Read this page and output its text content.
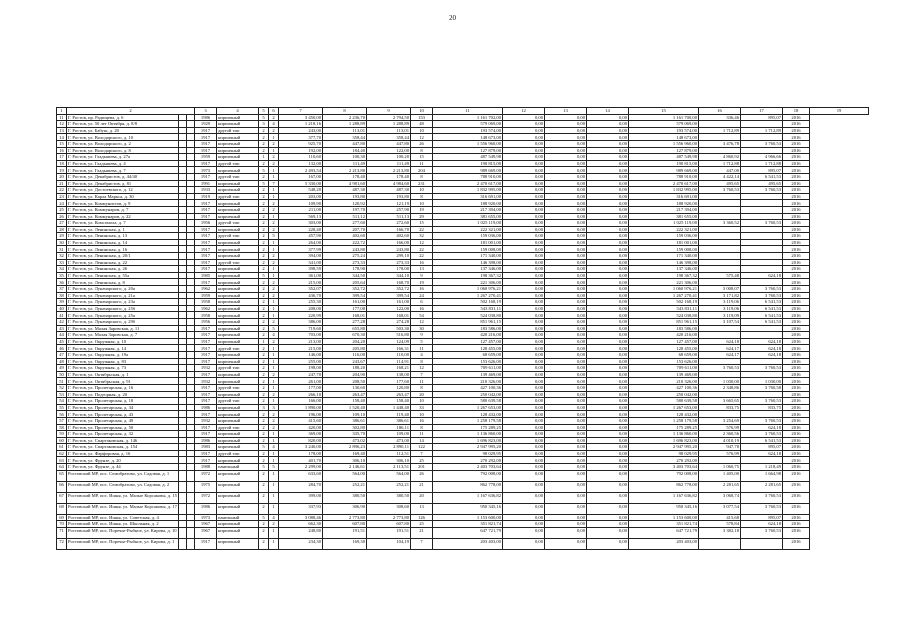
20
1	2			3	4	5	6	7	8	9	10	11	12	13	14	15	16	17	18	19
11	Г. Ростов, пр. Радищева, д. 6			1986	кирпичный	5	2	3 450,00	2 236,70	2 794,50	153	1 161 702,00	0,00	0,00	0,00	1 161 700,00	336,46	895,07	2016	
12	Г. Ростов, ул. 50 лет Октября, д. 8/8			1929	кирпичный	3	4	1 218,16	1 288,89	1 288,89	48	579 069,00	0,00	0,00	0,00	579 069,00			2016	
13	Г. Ростов, ул. Бабуш, д. 20			1917	другой тип	2	2	243,00	113,01	113,01	10	193 574,00	0,00	0,00	0,00	193 574,00	1 712,89	1 712,89	2016	
14	Г. Ростов, ул. Володарского, д. 10			1917	кирпичный	2	1	377,70	358,44	358,44	12	148 673,00	0,00	0,00	0,00	148 673,00			2016	
15	Г. Ростов, ул. Володарского, д. 2			1917	кирпичный	2	2	925,70	447,80	447,80	26	1 556 960,00	0,00	0,00	0,00	1 556 960,00	3 476,78	3 760,53	2016	
16	Г. Ростов, ул. Володарского, д. 8			1917	кирпичный	2	1	192,00	184,40	122,00	8	127 879,00	0,00	0,00	0,00	127 879,00			2016	
17	Г. Ростов, ул. Гладышева, д. 27а			1959	кирпичный	1	2	110,60	100,30	100,20	15	487 549,98	0,00	0,00	0,00	487 549,98	4 860,92	4 966,66	2016	
18	Г. Ростов, ул. Гладышева, д. 4			1917	другой тип	2	2	132,00	111,49	111,49	11	190 815,00	0,00	0,00	0,00	190 815,00	1 712,88	1 712,88	2016	
19	Г. Ростов, ул. Гладышева, д. 7			1973	кирпичный	5	1	2 493,54	2 213,80	2 213,80	204	989 669,00	0,00	0,00	0,00	989 669,00	447,00	895,07	2016	
20	Г. Ростов, ул. Декабристов, д. 44/40			1917	другой тип	2	1	167,00	178,40	178,40	8	788 910,00	0,00	0,00	0,00	788 910,00	4 422,14	6 541,53	2016	
21	Г. Ростов, ул. Декабристов, д. 81			1991	кирпичный	5	7	5 330,00	4 981,60	4 984,60	231	2 470 617,00	0,00	0,00	0,00	2 470 617,00	495,65	495,65	2016	
22	Г. Ростов, ул. Достоевского, д. 12			1933	кирпичный	2	1	548,20	487,30	487,30	10	1 832 995,00	0,00	0,00	0,00	1 832 995,00	3 760,53	3 760,53	2016	
23	Г. Ростов, ул. Карла Маркса, д. 30			1919	другой тип	2	1	203,00	193,80	193,80	8	316 691,00	0,00	0,00	0,00	316 691,00			2016	
24	Г. Ростов, ул. Коммунистов, д. 9			1917	кирпичный	2	2	109,90	120,92	121,19	10	188 920,00	0,00	0,00	0,00	188 920,00			2016	
25	Г. Ростов, ул. Коммунаров, д. 7			1917	кирпичный	2	2	211,00	197,70	257,90	19	217 394,00	0,00	0,00	0,00	217 394,00			2016	
26	Г. Ростов, ул. Коммунаров, д. 22			1917	кирпичный	2	1	569,13	511,12	511,13	29	381 655,00	0,00	0,00	0,00	381 655,00			2016	
27	Г. Ростов, ул. Комсомола, д. 7			1956	другой тип	2	2	303,00	277,60	272,60	15	1 025 119,00	0,00	0,00	0,00	1 025 119,00	3 360,52	3 760,53	2016	
28	Г. Ростов, ул. Ленинская, д. 1			1917	кирпичный	2	2	228,40	207,70	166,70	22	222 321,00	0,00	0,00	0,00	222 321,00			2016	
29	Г. Ростов, ул. Ленинская, д. 13			1917	другой тип	2	5	457,90	402,60	402,60	32	159 036,00	0,00	0,00	0,00	159 036,00			2016	
30	Г. Ростов, ул. Ленинская, д. 14			1917	кирпичный	2	1	264,00	222,72	166,00	12	181 001,00	0,00	0,00	0,00	181 001,00			2016	
31	Г. Ростов, ул. Ленинская, д. 16			1917	кирпичный	2	1	377,99	243,80	243,80	22	159 008,00	0,00	0,00	0,00	159 008,00			2016	
32	Г. Ростов, ул. Ленинская, д. 20/1			1917	кирпичный	2	2	394,00	275,24	299,10	22	171 340,00	0,00	0,00	0,00	171 340,00			2016	
33	Г. Ростов, ул. Ленинская, д. 22			1917	другой тип	2	2	341,00	273,33	273,33	16	146 398,00	0,00	0,00	0,00	146 398,00			2016	
34	Г. Ростов, ул. Ленинская, д. 26			1917	кирпичный	2	1	398,59	178,90	178,00	13	137 346,00	0,00	0,00	0,00	137 346,00			2016	
35	Г. Ростов, ул. Ленинская, д. 55а			1985	кирпичный	5	1	361,00	344,50	344,10	9	198 367,32	0,00	0,00	0,00	198 367,32	575,48	624,18	2016	
36	Г. Ростов, ул. Ленинская, д. 8			1917	кирпичный	2	2	215,00	205,64	168,70	19	221 306,00	0,00	0,00	0,00	221 306,00			2016	
37	Г. Ростов, ул. Луначарского, д. 20а			1962	кирпичный	2	2	352,07	352,72	352,72	16	1 060 976,21	0,00	0,00	0,00	1 060 976,21	3 008,07	3 760,53	2016	
38	Г. Ростов, ул. Луначарского, д. 21а			1959	кирпичный	2	2	436,70	399,54	399,54	24	1 267 270,41	0,00	0,00	0,00	1 267 270,41	3 171,82	3 760,53	2016	
39	Г. Ростов, ул. Луначарского, д. 23а			1958	кирпичный	2	1	255,30	161,00	161,00	6	502 168,19	0,00	0,00	0,00	502 168,19	3 119,06	6 541,53	2016	
40	Г. Ростов, ул. Луначарского, д. 25б			1962	кирпичный	2	1	208,00	177,00	122,00	16	543 831,11	0,00	0,00	0,00	543 831,11	3 119,06	6 541,53	2016	
41	Г. Ростов, ул. Луначарского, д. 25а			1958	кирпичный	2	1	220,99	168,01	168,01	54	524 038,80	0,00	0,00	0,00	524 038,80	3 119,09	6 541,53	2016	
42	Г. Ростов, ул. Луначарского, д. 29б			1956	кирпичный	2	2	386,00	277,28	274,28	12	851 961,15	0,00	0,00	0,00	851 961,15	3 107,54	6 541,53	2016	
43	Г. Ростов, ул. Малая Заровская, д. 11			1917	кирпичный	2	5	719,60	655,80	503,30	30	183 586,00	0,00	0,00	0,00	183 586,00			2016	
44	Г. Ростов, ул. Малая Заровская, д. 7			1917	кирпичный	2	4	703,00	670,30	516,80	9	420 216,00	0,00	0,00	0,00	420 216,00			2016	
45	Г. Ростов, ул. Окружная, д. 10			1917	кирпичный	1	2	213,00	204,20	124,09	5	127 457,00	0,00	0,00	0,00	127 457,00	624,18	624,18	2016	
46	Г. Ростов, ул. Окружная, д. 14			1917	другой тип	2	1	215,00	205,80	166,31	11	128 455,00	0,00	0,00	0,00	128 455,00	624,17	624,18	2016	
47	Г. Ростов, ул. Окружная, д. 19а			1917	кирпичный	2	1	146,00	116,00	110,00	4	68 659,00	0,00	0,00	0,00	68 659,00	624,17	624,18	2016	
48	Г. Ростов, ул. Окружная, д. 83			1917	кирпичный	2	1	255,00	243,67	114,91	8	153 626,00	0,00	0,00	0,00	153 626,00			2016	
49	Г. Ростов, ул. Окружная, д. 73			1932	другой тип	2	1	198,00	188,20	168,21	12	709 611,00	0,00	0,00	0,00	709 611,00	3 760,53	3 760,53	2016	
50	Г. Ростов, ул. Октябрьская, д. 1			1917	кирпичный	2	2	247,70	204,90	138,00	7	139 469,00	0,00	0,00	0,00	139 469,00			2016	
51	Г. Ростов, ул. Октябрьская, д. 91			1932	кирпичный	2	1	261,00	208,50	177,60	11	210 326,00	0,00	0,00	0,00	210 326,00	1 030,00	1 030,00	2016	
52	Г. Ростов, ул. Пролетарская, д. 16			1917	другой тип	2	1	177,00	130,60	120,80	8	427 100,36	0,00	0,00	0,00	427 100,36	2 348,86	3 760,58	2016	
53	Г. Ростов, ул. Подгорная, д. 20			1917	кирпичный	2	2	266,10	263,47	263,47	20	250 042,00	0,00	0,00	0,00	250 042,00			2016	
54	Г. Ростов, ул. Пролетарская, д. 18			1917	другой тип	2	1	166,00	158,40	158,40	10	580 639,58	0,00	0,00	0,00	580 639,58	3 665,65	3 760,53	2016	
55	Г. Ростов, ул. Пролетарская, д. 34			1986	кирпичный	3	3	1 890,00	1 520,40	1 448,40	33	1 267 653,00	0,00	0,00	0,00	1 267 653,00	833,75	833,75	2016	
56	Г. Ростов, ул. Пролетарская, д. 43			1917	кирпичный	2	2	196,00	109,10	119,40	10	128 432,00	0,00	0,00	0,00	128 432,00			2016	
57	Г. Ростов, ул. Пролетарская, д. 49			1932	кирпичный	2	2	415,60	386,61	386,61	16	1 258 179,58	0,00	0,00	0,00	1 258 179,58	3 254,69	3 760,53	2016	
58	Г. Ростов, ул. Пролетарская, д. 50			1917	другой тип	2	2	420,00	302,80	186,11	8	175 289,25	0,00	0,00	0,00	175 289,25	576,99	624,18	2016	
59	Г. Ростов, ул. Пролетарская, д. 32			1917	кирпичный	2	1	369,00	335,70	109,00	11	1 136 860,00	0,00	0,00	0,00	1 136 860,00	2 360,56	3 760,53	2016	
60	Г. Ростов, ул. Спартаковская, д. 146			1986	кирпичный	2	1	820,00	473,02	473,00	14	1 696 823,00	0,00	0,00	0,00	1 696 823,00	4 010,19	6 541,53	2016	
61	Г. Ростов, ул. Спартаковская, д. 154			1983	кирпичный	5	4	3 240,00	2 896,23	2 890,11	122	2 947 995,20	0,00	0,00	0,00	2 947 995,20	947,78	895,07	2016	
62	Г. Ростов, ул. Фарфоровая, д. 16			1917	другой тип	2	1	178,00	169,40	112,51	7	98 029,95	0,00	0,00	0,00	98 029,95	576,99	624,18	2016	
63	Г. Ростов, ул. Фрунзе, д. 20			1917	кирпичный	2	1	401,70	306,10	306,10	25	270 292,00	0,00	0,00	0,00	270 292,00			2016	
64	Г. Ростов, ул. Фрунзе, д. 44			1988	панельный	5	5	2 299,00	2 146,61	2 113,51	201	2 403 703,64	0,00	0,00	0,00	3 403 703,64	1 060,75	1 218,49	2016	
65	Ростовский МР, пос. Семибратово, ул. Садовая, д. 1			1972	кирпичный	2	1	633,60	564,00	564,00	26	792 008,00	0,00	0,00	0,00	792 008,00	1 405,00	1 664,98	2016	
66	Ростовский МР, пос. Семибратово, ул. Садовая, д. 2			1975	кирпичный	2	1	284,70	252,21	252,21	21	862 778,00	0,00	0,00	0,00	862 778,00	2 281,65	2 281,65	2016	
67	Ростовский МР, пос. Ишня, ул. Малые Корсаковы, д. 15			1972	кирпичный	2	1	399,00	380,50	380,50	20	1 167 636,82	0,00	0,00	0,00	1 167 636,82	3 068,74	3 760,53	2016	
68	Ростовский МР, пос. Ишня, ул. Малые Корсаковы, д. 17			1986	кирпичный	2	1	337,93	306,90	308,60	13	950 345,16	0,00	0,00	0,00	950 345,16	3 077,54	3 760,53	2016	
69	Ростовский МР, пос. Ишня, ул. Советская, д. 4			1973	панельный	5	4	3 088,46	2 773,80	2 773,80	126	1 153 600,00	0,00	0,00	0,00	1 153 600,00	415,68	895,07	2016	
70	Ростовский МР, пос. Ишня, ул. Школьная, д. 2			1967	кирпичный	2	2	662,30	607,80	607,80	25	351 821,74	0,00	0,00	0,00	351 821,74	578,84	624,18	2016	
71	Ростовский МР, пос. Поречье-Рыбное, ул. Кирова, д. 10			1967	кирпичный	2	1	248,80	191,51	191,51	21	647 721,79	0,00	0,00	0,00	647 721,79	3 382,18	3 760,53	2016	
72	Ростовский МР, пос. Поречье-Рыбное, ул. Кирова, д. 1			1917	кирпичный	2	1	234,30	169,30	104,19	7	203 403,00	0,00	0,00	0,00	203 403,00			2016	
